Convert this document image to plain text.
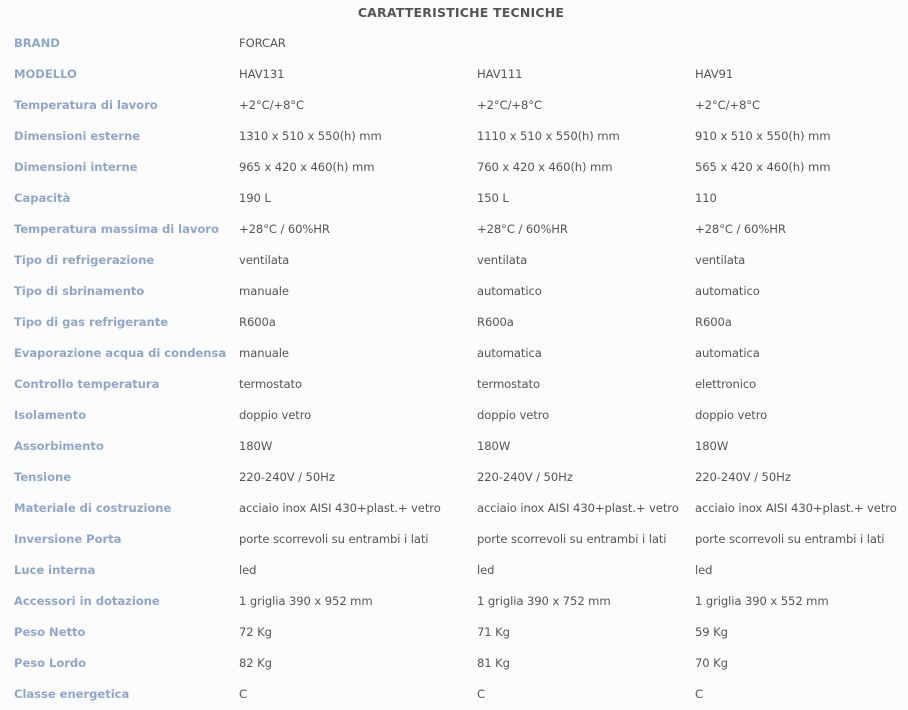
CARATTERISTICHE TECNICHE
BRAND	FORCAR		
MODELLO	HAV131	HAV111	HAV91
Temperatura di lavoro	+2°C/+8°C	+2°C/+8°C	+2°C/+8°C
Dimensioni esterne	1310 x 510 x 550(h) mm	1110 x 510 x 550(h) mm	910 x 510 x 550(h) mm
Dimensioni interne	965 x 420 x 460(h) mm	760 x 420 x 460(h) mm	565 x 420 x 460(h) mm
Capacità	190 L	150 L	110
Temperatura massima di lavoro	+28°C / 60%HR	+28°C / 60%HR	+28°C / 60%HR
Tipo di refrigerazione	ventilata	ventilata	ventilata
Tipo di sbrinamento	manuale	automatico	automatico
Tipo di gas refrigerante	R600a	R600a	R600a
Evaporazione acqua di condensa	manuale	automatica	automatica
Controllo temperatura	termostato	termostato	elettronico
Isolamento	doppio vetro	doppio vetro	doppio vetro
Assorbimento	180W	180W	180W
Tensione	220-240V / 50Hz	220-240V / 50Hz	220-240V / 50Hz
Materiale di costruzione	acciaio inox AISI 430+plast.+ vetro	acciaio inox AISI 430+plast.+ vetro	acciaio inox AISI 430+plast.+ vetro
Inversione Porta	porte scorrevoli su entrambi i lati	porte scorrevoli su entrambi i lati	porte scorrevoli su entrambi i lati
Luce interna	led	led	led
Accessori in dotazione	1 griglia 390 x 952 mm	1 griglia 390 x 752 mm	1 griglia 390 x 552 mm
Peso Netto	72 Kg	71 Kg	59 Kg
Peso Lordo	82 Kg	81 Kg	70 Kg
Classe energetica	C	C	C
